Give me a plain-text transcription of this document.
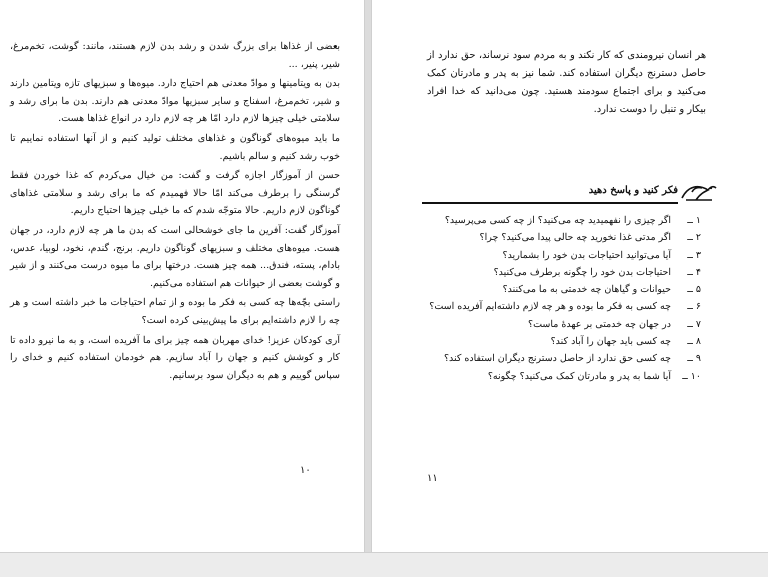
بعضی از غذاها برای بزرگ شدن و رشد بدن لازم هستند، مانند: گوشت، تخم‌مرغ، شیر، پنیر، ...

بدن به ویتامینها و موادّ معدنی هم احتیاج دارد. میوه‌ها و سبزیهای تازه ویتامین دارند و شیر، تخم‌مرغ، اسفناج و سایر سبزیها موادّ معدنی هم دارند. بدن ما برای رشد و سلامتی خیلی چیزها لازم دارد امّا هر چه لازم دارد در انواع غذاها هست.

ما باید میوه‌های گوناگون و غذاهای مختلف تولید کنیم و از آنها استفاده نماییم تا خوب رشد کنیم و سالم باشیم.

حسن از آموزگار اجازه گرفت و گفت: من خیال می‌کردم که غذا خوردن فقط گرسنگی را برطرف می‌کند امّا حالا فهمیدم که ما برای رشد و سلامتی غذاهای گوناگون لازم داریم. حالا متوجّه شدم که ما خیلی چیزها احتیاج داریم.

آموزگار گفت: آفرین ما جای خوشحالی است که بدن ما هر چه لازم دارد، در جهان هست. میوه‌های مختلف و سبزیهای گوناگون داریم. برنج، گندم، نخود، لوبیا، عدس، بادام، پسته، فندق... همه چیز هست. درختها برای ما میوه درست می‌کنند و از شیر و گوشت بعضی از حیوانات هم استفاده می‌کنیم.

راستی بچّه‌ها چه کسی به فکر ما بوده و از تمام احتیاجات ما خبر داشته است و هر چه را لازم داشته‌ایم برای ما پیش‌بینی کرده است؟

آری کودکان عزیز! خدای مهربان همه چیز برای ما آفریده است، و به ما نیرو داده تا کار و کوشش کنیم و جهان را آباد سازیم. هم خودمان استفاده کنیم و خدای را سپاس گوییم و هم به دیگران سود برسانیم.

۱۰
هر انسان نیرومندی که کار نکند و به مردم سود نرساند، حق ندارد از حاصل دسترنج دیگران استفاده کند. شما نیز به پدر و مادرتان کمک می‌کنید و برای اجتماع سودمند هستید. چون می‌دانید که خدا افراد بیکار و تنبل را دوست ندارد.
فکر کنید و پاسخ دهید
۱ ــ
اگر چیزی را نفهمیدید چه می‌کنید؟ از چه کسی می‌پرسید؟
۲ ــ
اگر مدتی غذا نخورید چه حالی پیدا می‌کنید؟ چرا؟
۳ ــ
آیا می‌توانید احتیاجات بدن خود را بشمارید؟
۴ ــ
احتیاجات بدن خود را چگونه برطرف می‌کنید؟
۵ ــ
حیوانات و گیاهان چه خدمتی به ما می‌کنند؟
۶ ــ
چه کسی به فکر ما بوده و هر چه لازم داشته‌ایم آفریده است؟
۷ ــ
در جهان چه خدمتی بر عهدهٔ ماست؟
۸ ــ
چه کسی باید جهان را آباد کند؟
۹ ــ
چه کسی حق ندارد از حاصل دسترنج دیگران استفاده کند؟
۱۰ ــ
آیا شما به پدر و مادرتان کمک می‌کنید؟ چگونه؟
۱۱
